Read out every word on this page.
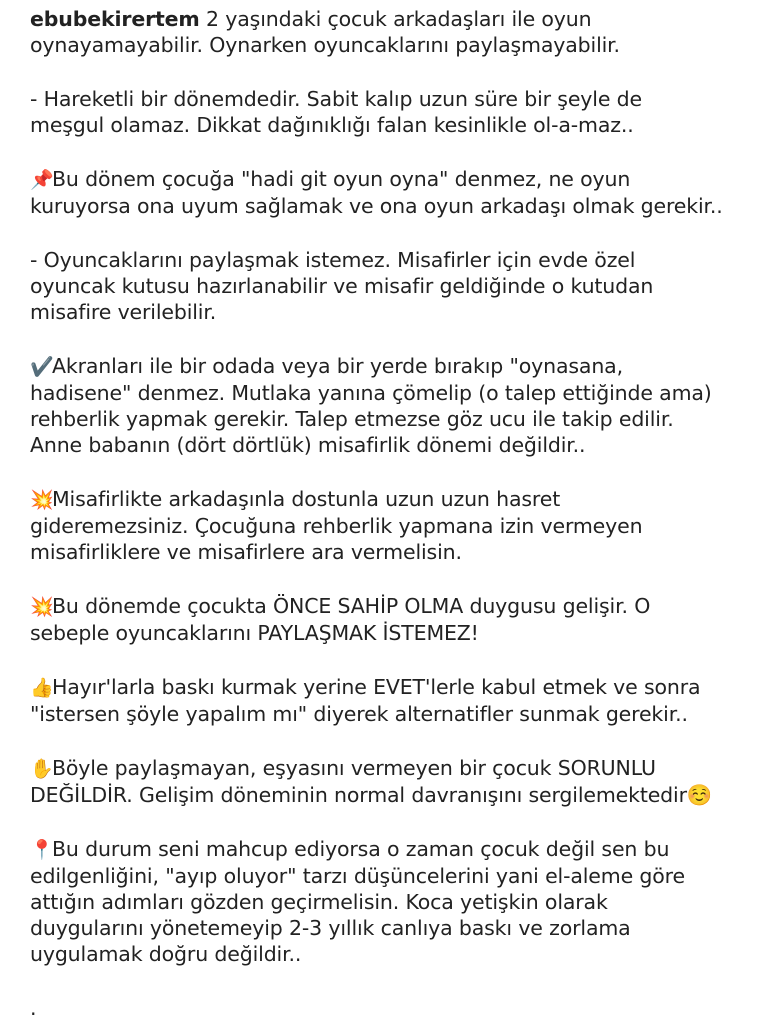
ebubekirertem 2 yaşındaki çocuk arkadaşları ile oyun
oynayamayabilir. Oynarken oyuncaklarını paylaşmayabilir.

- Hareketli bir dönemdedir. Sabit kalıp uzun süre bir şeyle de
meşgul olamaz. Dikkat dağınıklığı falan kesinlikle ol-a-maz..

📌Bu dönem çocuğa "hadi git oyun oyna" denmez, ne oyun
kuruyorsa ona uyum sağlamak ve ona oyun arkadaşı olmak gerekir..

- Oyuncaklarını paylaşmak istemez. Misafirler için evde özel
oyuncak kutusu hazırlanabilir ve misafir geldiğinde o kutudan
misafire verilebilir.

✔️Akranları ile bir odada veya bir yerde bırakıp "oynasana,
hadisene" denmez. Mutlaka yanına çömelip (o talep ettiğinde ama)
rehberlik yapmak gerekir. Talep etmezse göz ucu ile takip edilir.
Anne babanın (dört dörtlük) misafirlik dönemi değildir..

💥Misafirlikte arkadaşınla dostunla uzun uzun hasret
gideremezsiniz. Çocuğuna rehberlik yapmana izin vermeyen
misafirliklere ve misafirlere ara vermelisin.

💥Bu dönemde çocukta ÖNCE SAHİP OLMA duygusu gelişir. O
sebeple oyuncaklarını PAYLAŞMAK İSTEMEZ!

👍Hayır'larla baskı kurmak yerine EVET'lerle kabul etmek ve sonra
"istersen şöyle yapalım mı" diyerek alternatifler sunmak gerekir..

✋Böyle paylaşmayan, eşyasını vermeyen bir çocuk SORUNLU
DEĞİLDİR. Gelişim döneminin normal davranışını sergilemektedir☺️

📍Bu durum seni mahcup ediyorsa o zaman çocuk değil sen bu
edilgenliğini, "ayıp oluyor" tarzı düşüncelerini yani el-aleme göre
attığın adımları gözden geçirmelisin. Koca yetişkin olarak
duygularını yönetemeyip 2-3 yıllık canlıya baskı ve zorlama
uygulamak doğru değildir..

.
